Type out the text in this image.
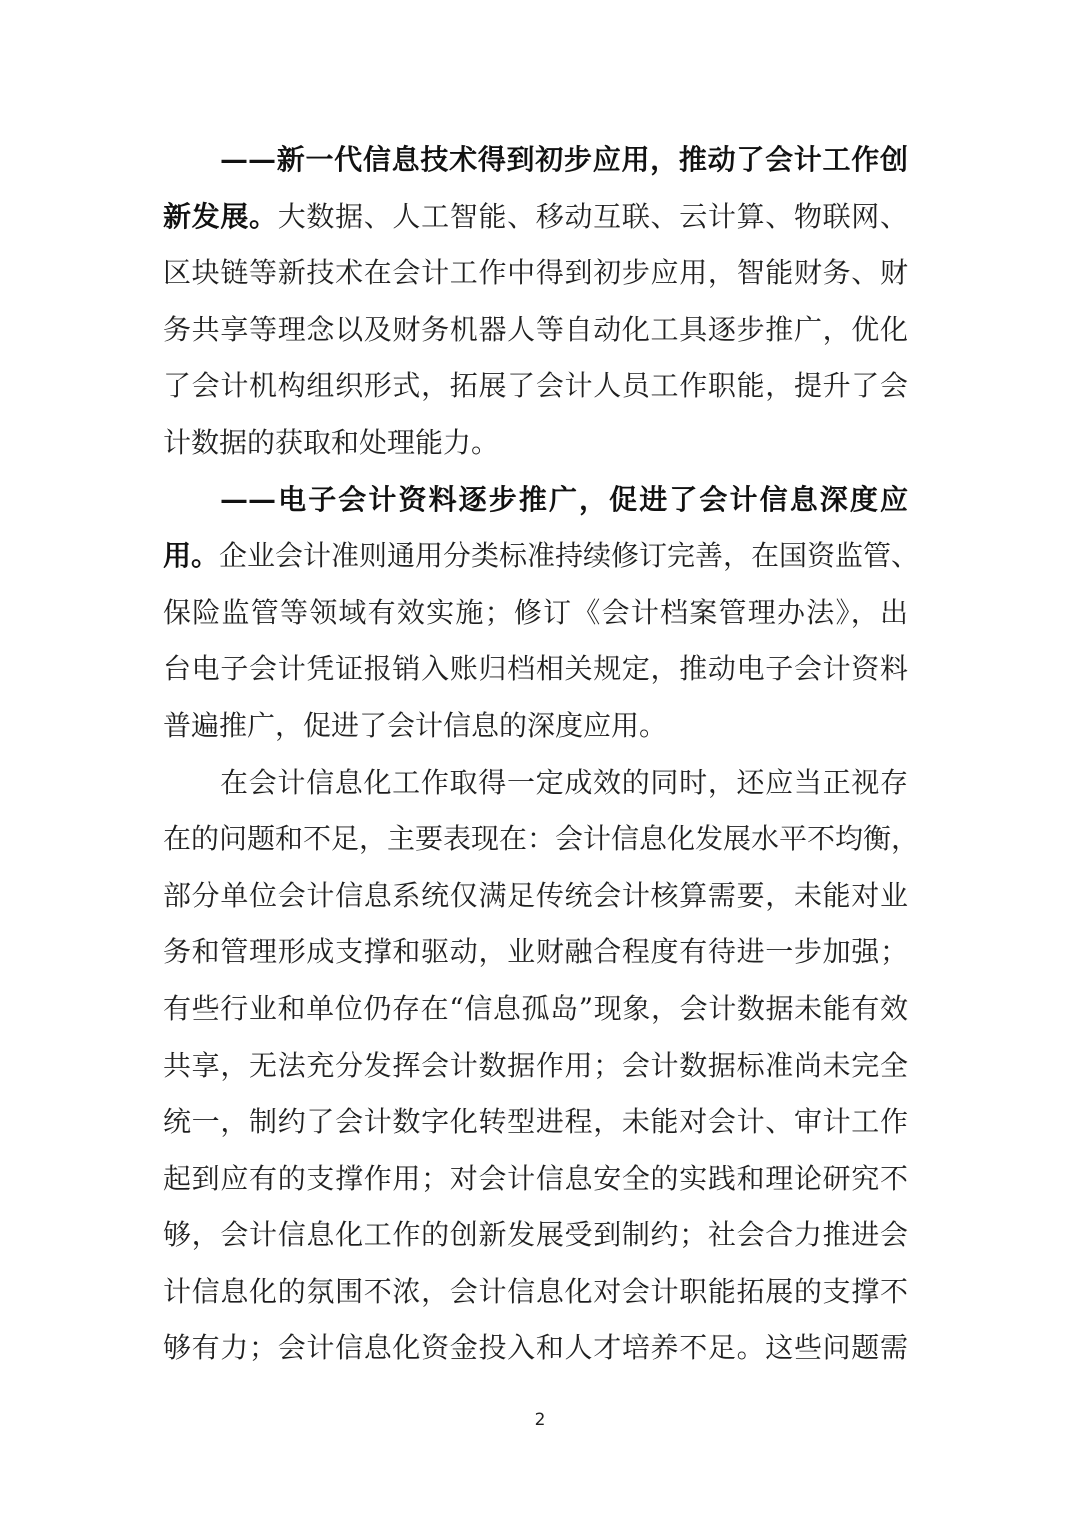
——新一代信息技术得到初步应用，推动了会计工作创
新发展。大数据、人工智能、移动互联、云计算、物联网、
区块链等新技术在会计工作中得到初步应用，智能财务、财
务共享等理念以及财务机器人等自动化工具逐步推广，优化
了会计机构组织形式，拓展了会计人员工作职能，提升了会
计数据的获取和处理能力。
——电子会计资料逐步推广，促进了会计信息深度应
用。企业会计准则通用分类标准持续修订完善，在国资监管、
保险监管等领域有效实施；修订《会计档案管理办法》，出
台电子会计凭证报销入账归档相关规定，推动电子会计资料
普遍推广，促进了会计信息的深度应用。
在会计信息化工作取得一定成效的同时，还应当正视存
在的问题和不足，主要表现在：会计信息化发展水平不均衡，
部分单位会计信息系统仅满足传统会计核算需要，未能对业
务和管理形成支撑和驱动，业财融合程度有待进一步加强；
有些行业和单位仍存在“信息孤岛”现象，会计数据未能有效
共享，无法充分发挥会计数据作用；会计数据标准尚未完全
统一，制约了会计数字化转型进程，未能对会计、审计工作
起到应有的支撑作用；对会计信息安全的实践和理论研究不
够，会计信息化工作的创新发展受到制约；社会合力推进会
计信息化的氛围不浓，会计信息化对会计职能拓展的支撑不
够有力；会计信息化资金投入和人才培养不足。这些问题需
2
